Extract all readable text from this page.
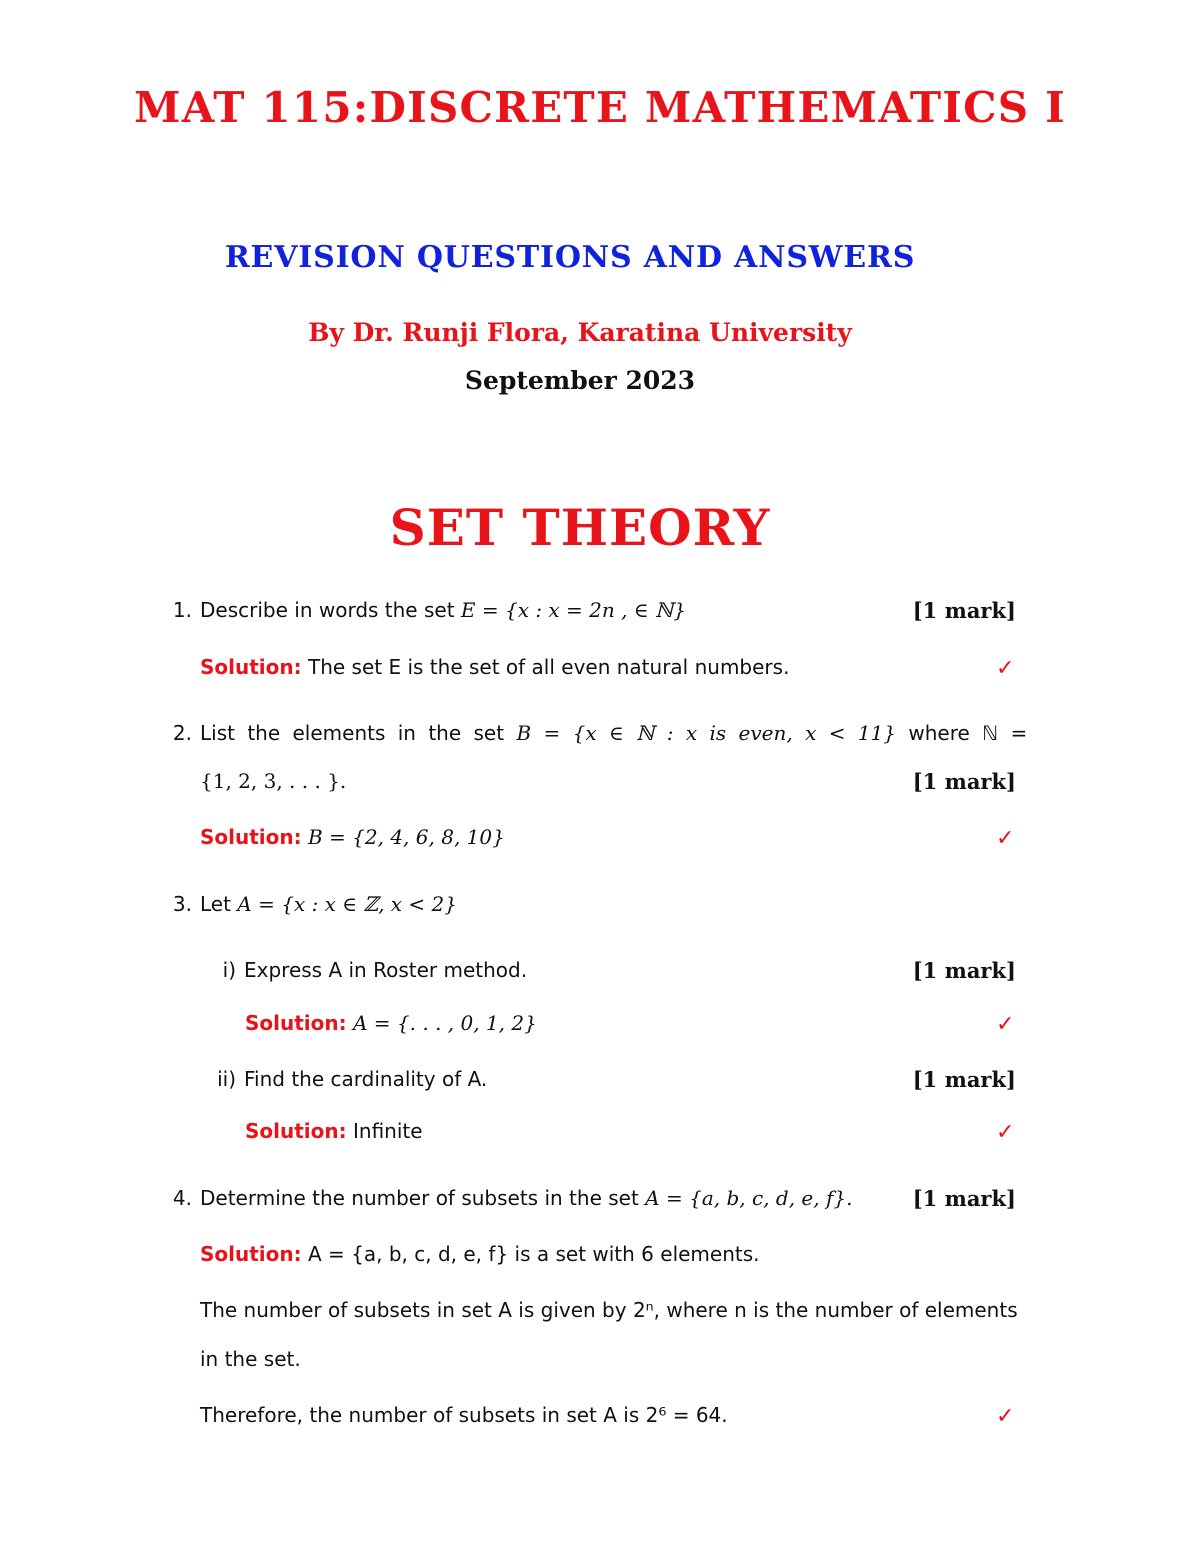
MAT 115:DISCRETE MATHEMATICS I
REVISION QUESTIONS AND ANSWERS
By Dr. Runji Flora, Karatina University
September 2023
SET THEORY
1. Describe in words the set E = {x : x = 2n , ∈ ℕ}	[1 mark]
Solution: The set E is the set of all even natural numbers.	✓
2. List the elements in the set B = {x ∈ ℕ : x is even, x < 11} where ℕ =
{1, 2, 3, . . . }.	[1 mark]
Solution: B = {2, 4, 6, 8, 10}	✓
3. Let A = {x : x ∈ ℤ, x < 2}
i) Express A in Roster method.	[1 mark]
Solution: A = {. . . , 0, 1, 2}	✓
ii) Find the cardinality of A.	[1 mark]
Solution: Infinite	✓
4. Determine the number of subsets in the set A = {a, b, c, d, e, f}.	[1 mark]
Solution: A = {a, b, c, d, e, f} is a set with 6 elements.
The number of subsets in set A is given by 2ⁿ, where n is the number of elements
in the set.
Therefore, the number of subsets in set A is 2⁶ = 64.	✓
